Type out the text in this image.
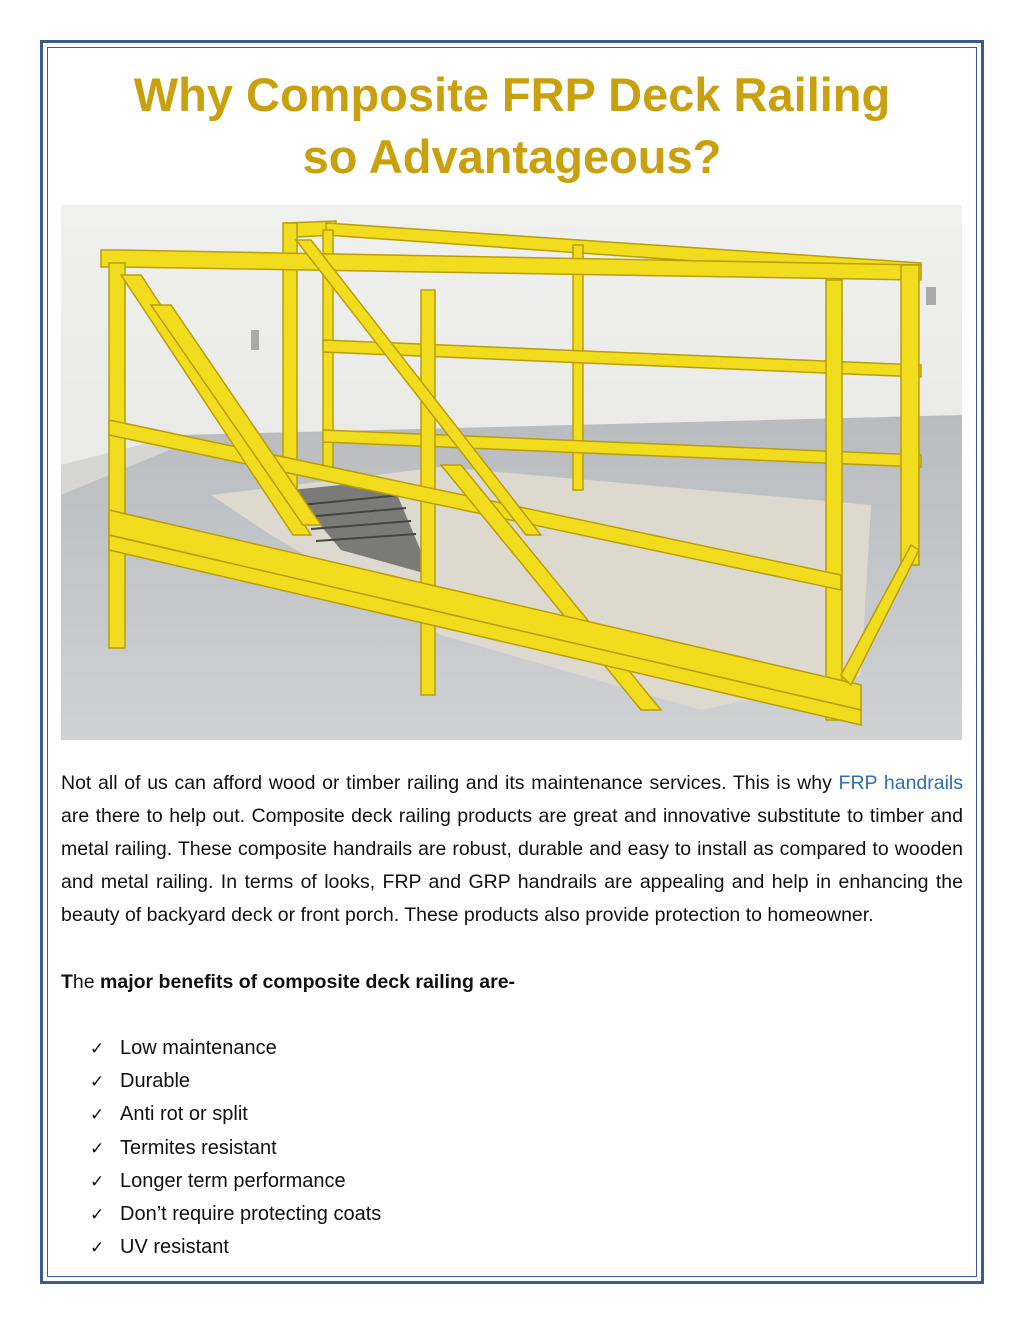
Why Composite FRP Deck Railing
so Advantageous?

Not all of us can afford wood or timber railing and its maintenance services. This is why FRP handrails are there to help out. Composite deck railing products are great and innovative substitute to timber and metal railing. These composite handrails are robust, durable and easy to install as compared to wooden and metal railing. In terms of looks, FRP and GRP handrails are appealing and help in enhancing the beauty of backyard deck or front porch. These products also provide protection to homeowner.

The major benefits of composite deck railing are-

✓ Low maintenance
✓ Durable
✓ Anti rot or split
✓ Termites resistant
✓ Longer term performance
✓ Don’t require protecting coats
✓ UV resistant
